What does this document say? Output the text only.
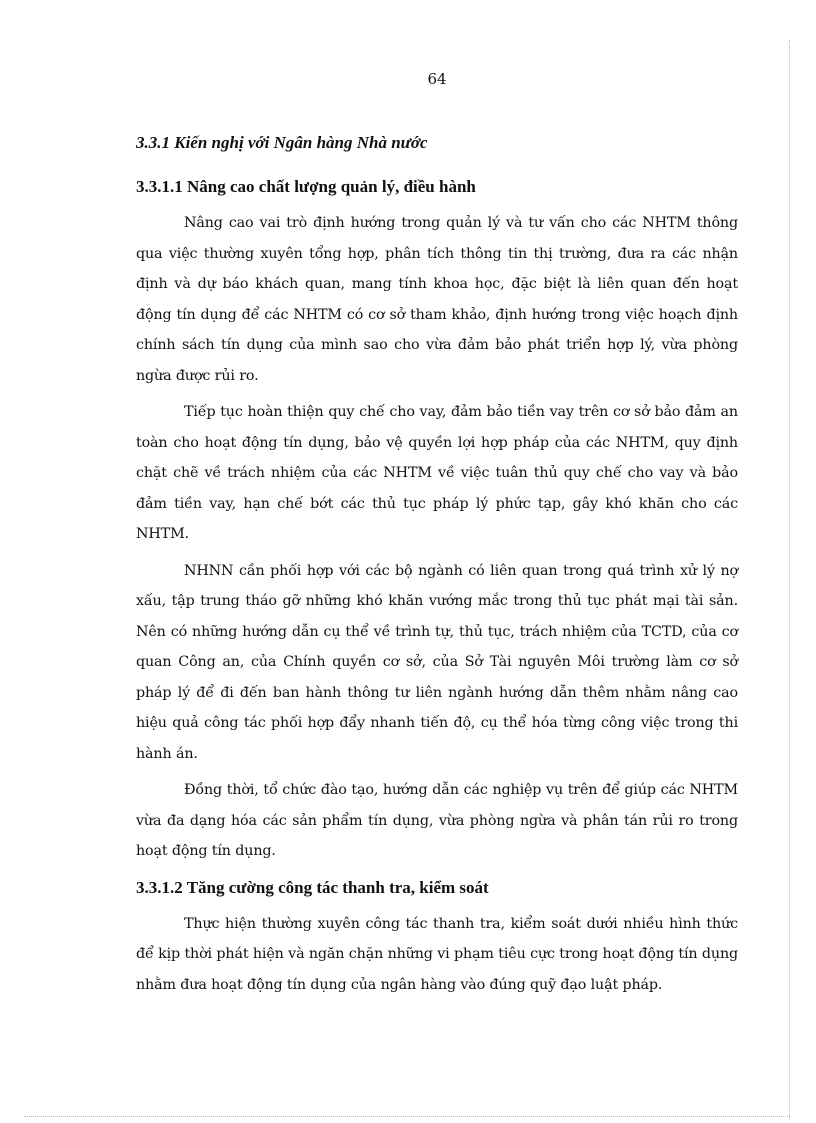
64
3.3.1 Kiến nghị với Ngân hàng Nhà nước
3.3.1.1 Nâng cao chất lượng quản lý, điều hành

Nâng cao vai trò định hướng trong quản lý và tư vấn cho các NHTM thông qua việc thường xuyên tổng hợp, phân tích thông tin thị trường, đưa ra các nhận định và dự báo khách quan, mang tính khoa học, đặc biệt là liên quan đến hoạt động tín dụng để các NHTM có cơ sở tham khảo, định hướng trong việc hoạch định chính sách tín dụng của mình sao cho vừa đảm bảo phát triển hợp lý, vừa phòng ngừa được rủi ro.

Tiếp tục hoàn thiện quy chế cho vay, đảm bảo tiền vay trên cơ sở bảo đảm an toàn cho hoạt động tín dụng, bảo vệ quyền lợi hợp pháp của các NHTM, quy định chặt chẽ về trách nhiệm của các NHTM về việc tuân thủ quy chế cho vay và bảo đảm tiền vay, hạn chế bớt các thủ tục pháp lý phức tạp, gây khó khăn cho các NHTM.

NHNN cần phối hợp với các bộ ngành có liên quan trong quá trình xử lý nợ xấu, tập trung tháo gỡ những khó khăn vướng mắc trong thủ tục phát mại tài sản. Nên có những hướng dẫn cụ thể về trình tự, thủ tục, trách nhiệm của TCTD, của cơ quan Công an, của Chính quyền cơ sở, của Sở Tài nguyên Môi trường làm cơ sở pháp lý để đi đến ban hành thông tư liên ngành hướng dẫn thêm nhằm nâng cao hiệu quả công tác phối hợp đẩy nhanh tiến độ, cụ thể hóa từng công việc trong thi hành án.

Đồng thời, tổ chức đào tạo, hướng dẫn các nghiệp vụ trên để giúp các NHTM vừa đa dạng hóa các sản phẩm tín dụng, vừa phòng ngừa và phân tán rủi ro trong hoạt động tín dụng.

3.3.1.2 Tăng cường công tác thanh tra, kiểm soát

Thực hiện thường xuyên công tác thanh tra, kiểm soát dưới nhiều hình thức để kịp thời phát hiện và ngăn chặn những vi phạm tiêu cực trong hoạt động tín dụng nhằm đưa hoạt động tín dụng của ngân hàng vào đúng quỹ đạo luật pháp.
